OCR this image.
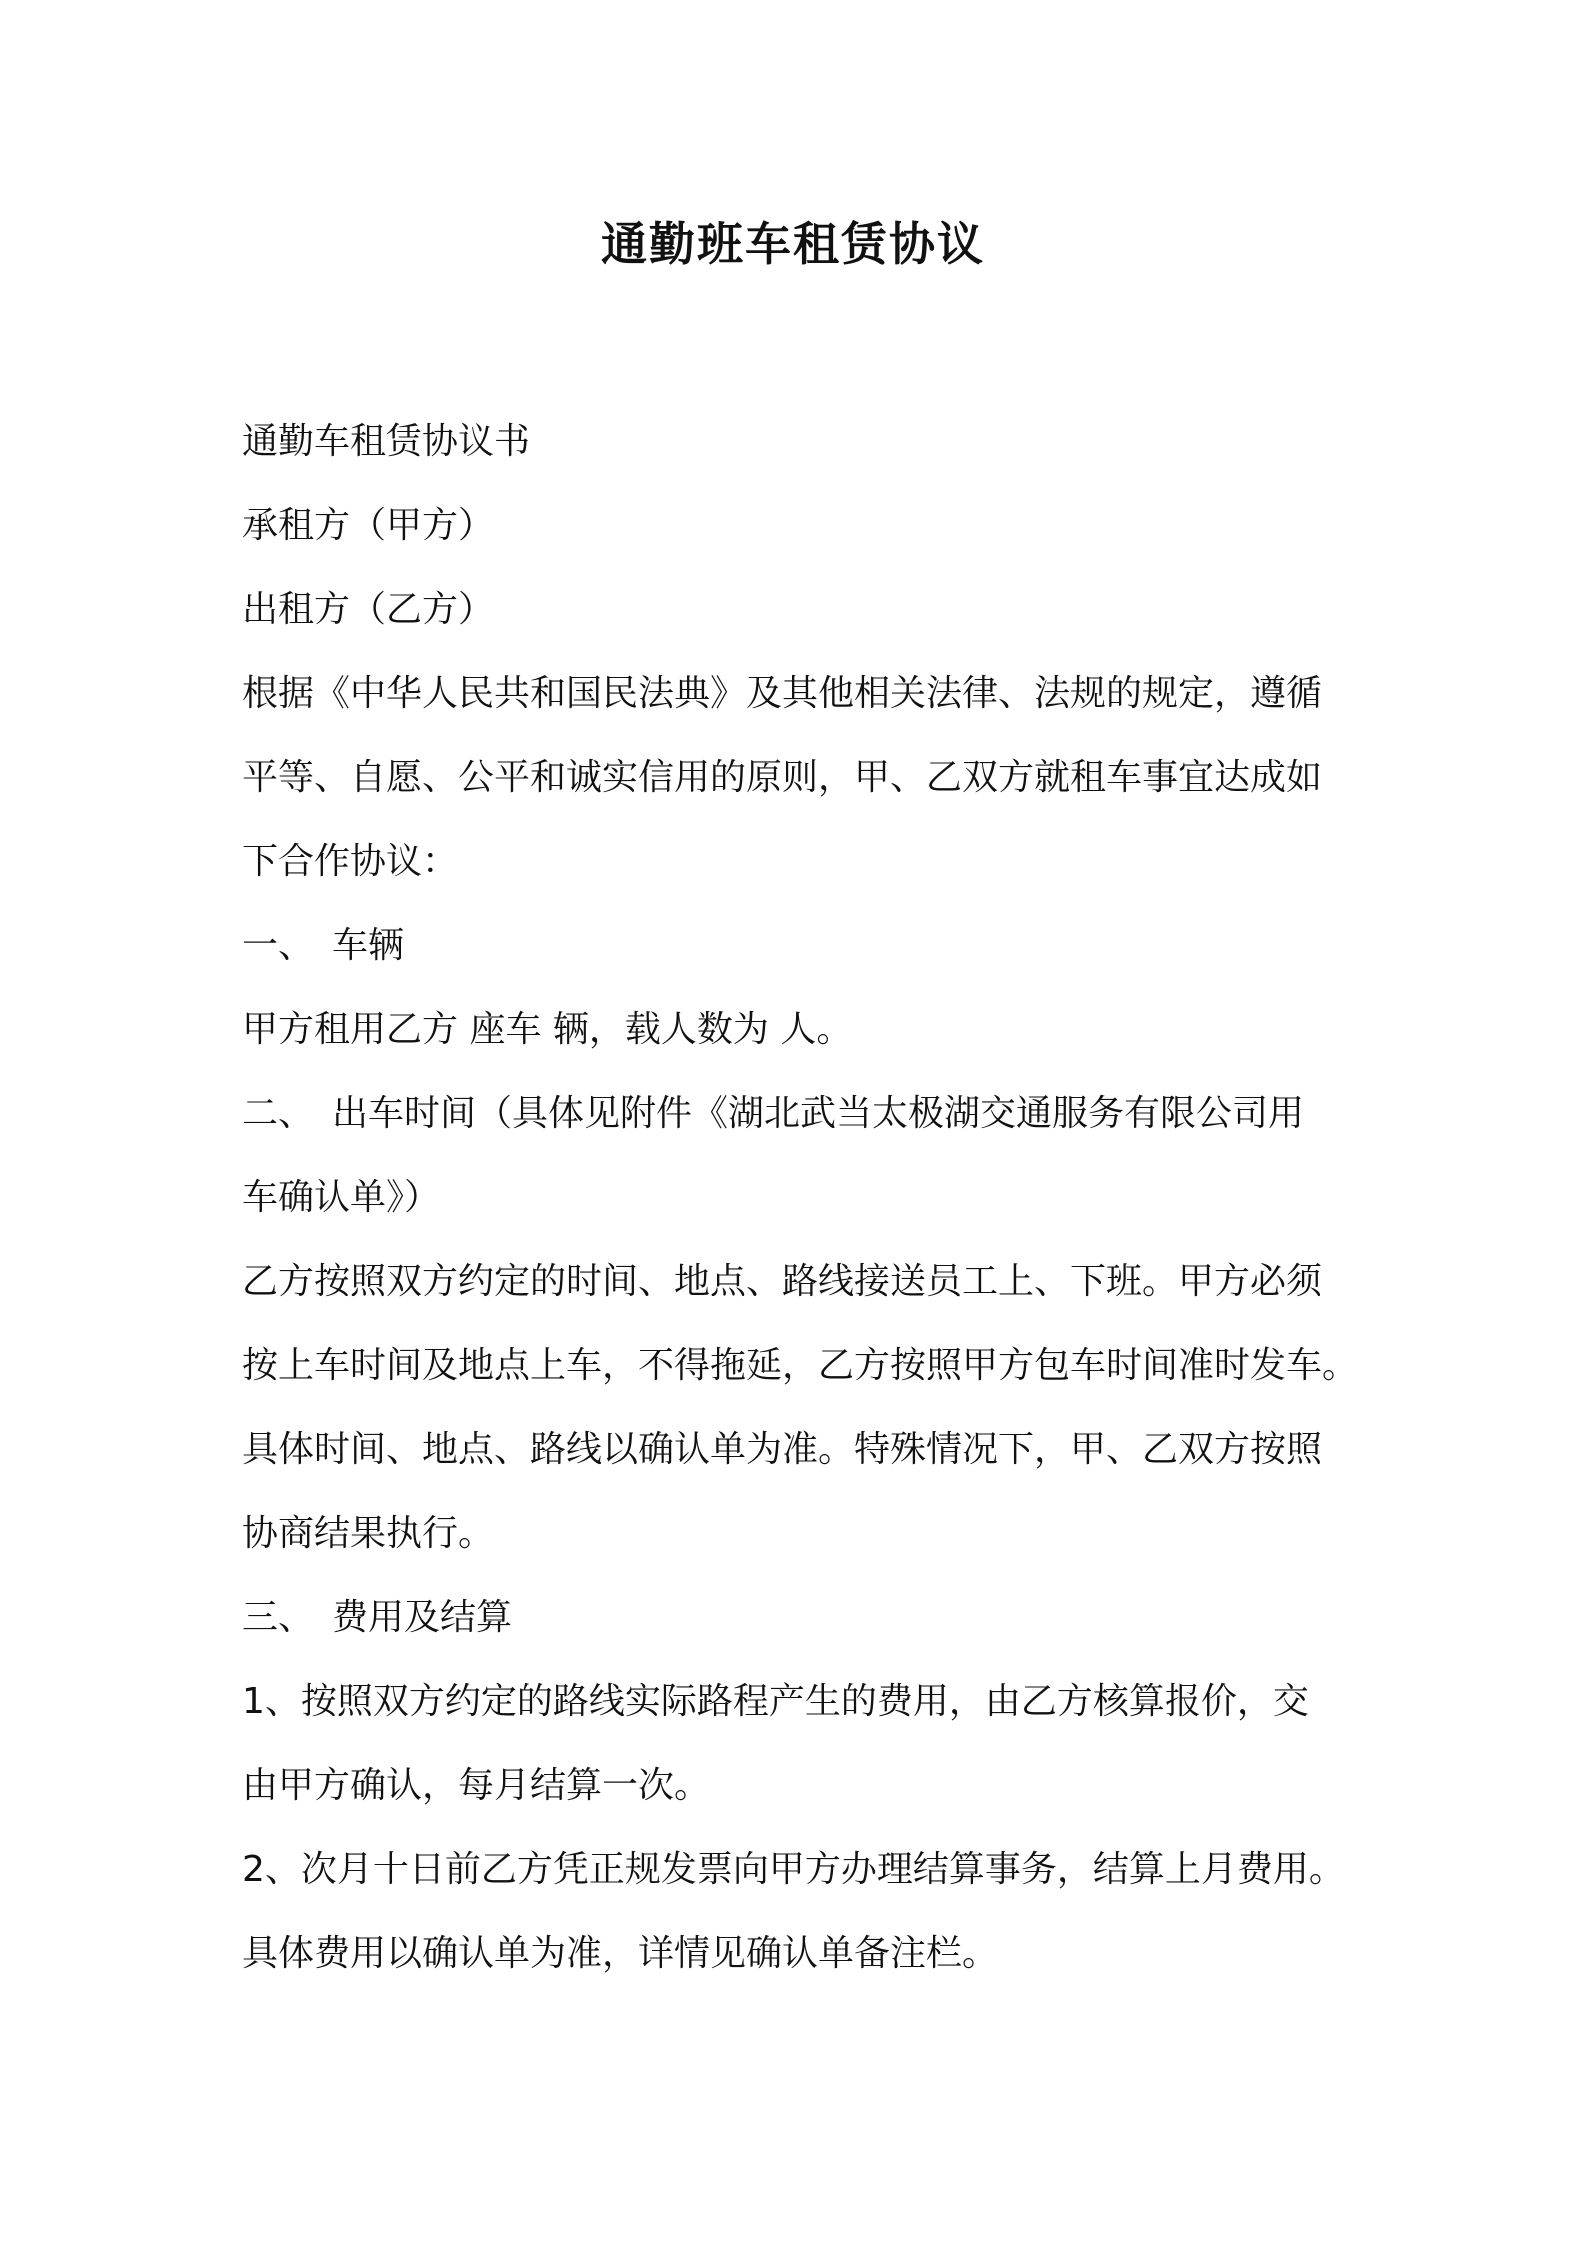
通勤班车租赁协议
通勤车租赁协议书
承租方（甲方）
出租方（乙方）
根据《中华人民共和国民法典》及其他相关法律、法规的规定，遵循
平等、自愿、公平和诚实信用的原则，甲、乙双方就租车事宜达成如
下合作协议：
一、　车辆
甲方租用乙方 座车 辆，载人数为 人。
二、　出车时间（具体见附件《湖北武当太极湖交通服务有限公司用
车确认单》）
乙方按照双方约定的时间、地点、路线接送员工上、下班。甲方必须
按上车时间及地点上车，不得拖延，乙方按照甲方包车时间准时发车。
具体时间、地点、路线以确认单为准。特殊情况下，甲、乙双方按照
协商结果执行。
三、　费用及结算
1、按照双方约定的路线实际路程产生的费用，由乙方核算报价，交
由甲方确认，每月结算一次。
2、次月十日前乙方凭正规发票向甲方办理结算事务，结算上月费用。
具体费用以确认单为准，详情见确认单备注栏。
